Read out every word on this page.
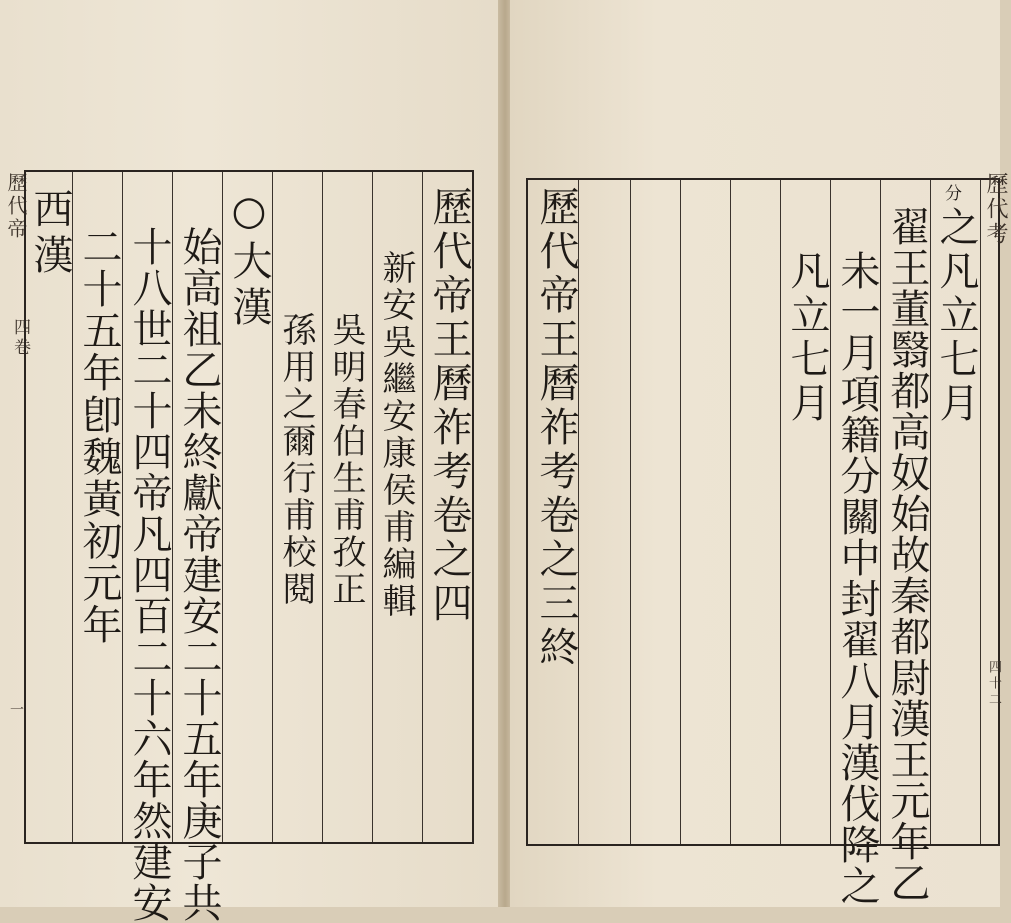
歷代帝
四卷
一
歷代帝王曆祚考卷之四
新安吳繼安康侯甫編輯
吳明春伯生甫孜正
孫用之爾行甫校閱
○大漢
始高祖乙未終獻帝建安二十五年庚子共
十八世二十四帝凡四百二十六年然建安
二十五年卽魏黃初元年
西漢	之凡立七月
分
翟王董翳都高奴始故秦都尉漢王元年乙
未一月項籍分關中封翟八月漢伐降之
凡立七月
歷代帝王曆祚考卷之三終	歷代考
四十二
